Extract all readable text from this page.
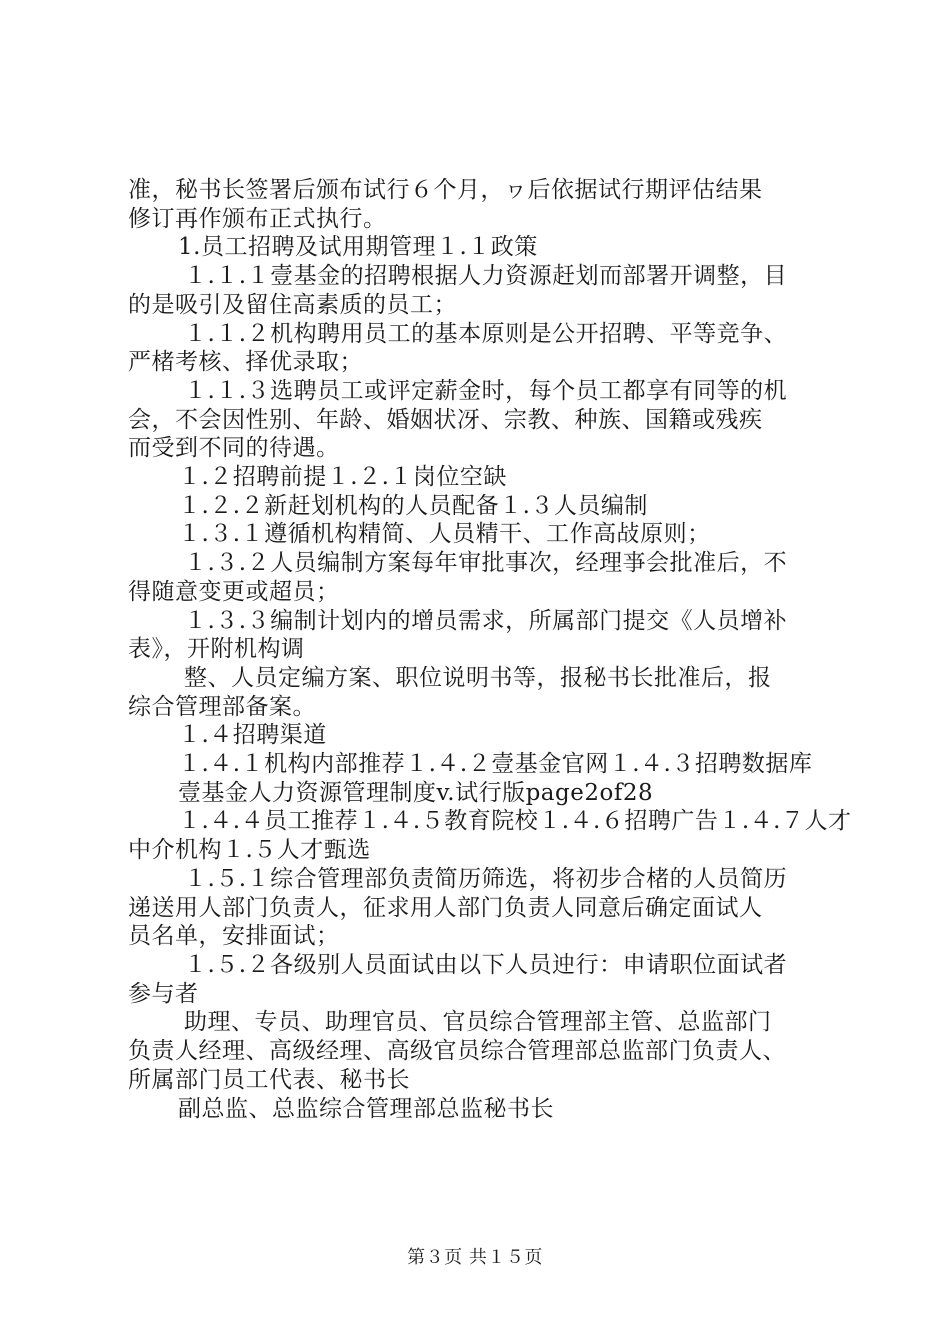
准，秘书长签署后颁布试行６个月，ヮ后依据试行期评估结果
修订再作颁布正式执行。
1.员工招聘及试用期管理１.１政策
１.１.１壹基金的招聘根据人力资源赶划而部署开调整，目
的是吸引及留住高素质的员工；
１.１.２机构聘用员工的基本原则是公开招聘、平等竞争、
严楮考核、择优录取；
１.１.３选聘员工或评定薪金时，每个员工都享有同等的机
会，不会因性别、年龄、婚姻状冴、宗教、种族、国籍或残疾
而受到不同的待遇。
１.２招聘前提１.２.１岗位空缺
１.２.２新赶划机构的人员配备１.３人员编制
１.３.１遵循机构精简、人员精干、工作高敁原则；
１.３.２人员编制方案每年审批事次，经理亊会批准后，不
得随意变更或超员；
１.３.３编制计划内的增员需求，所属部门提交《人员增补
表》，开附机构调
整、人员定编方案、职位说明书等，报秘书长批准后，报
综合管理部备案。
１.４招聘渠道
１.４.１机构内部推荐１.４.２壹基金官网１.４.３招聘数据库
壹基金人力资源管理制度v.试行版page2of28
１.４.４员工推荐１.４.５教育院校１.４.６招聘广告１.４.７人才
中介机构１.５人才甄选
１.５.１综合管理部负责简历筛选，将初步合楮的人员简历
递送用人部门负责人，征求用人部门负责人同意后确定面试人
员名单，安排面试；
１.５.２各级别人员面试由以下人员迚行：申请职位面试者
参与者
助理、专员、助理官员、官员综合管理部主管、总监部门
负责人经理、高级经理、高级官员综合管理部总监部门负责人、
所属部门员工代表、秘书长
副总监、总监综合管理部总监秘书长
第３页 共１５页
